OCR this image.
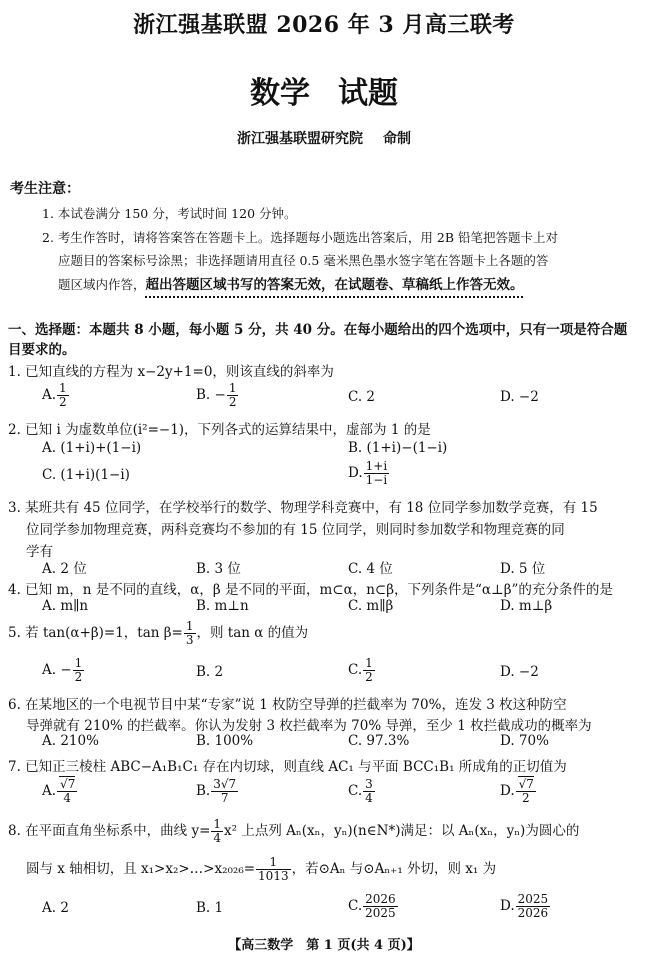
浙江强基联盟 2026 年 3 月高三联考
数学 试题
浙江强基联盟研究院 命制
考生注意：
1. 本试卷满分 150 分，考试时间 120 分钟。
2. 考生作答时，请将答案答在答题卡上。选择题每小题选出答案后，用 2B 铅笔把答题卡上对
应题目的答案标号涂黑；非选择题请用直径 0.5 毫米黑色墨水签字笔在答题卡上各题的答
题区域内作答，超出答题区域书写的答案无效，在试题卷、草稿纸上作答无效。
一、选择题：本题共 8 小题，每小题 5 分，共 40 分。在每小题给出的四个选项中，只有一项是符合题目要求的。
1. 已知直线的方程为 x−2y+1=0，则该直线的斜率为
A. $\frac{1}{2}$	B. − $\frac{1}{2}$	C. 2	D. −2
2. 已知 i 为虚数单位(i²=−1)，下列各式的运算结果中，虚部为 1 的是
A. (1+i)+(1−i)	B. (1+i)−(1−i)
C. (1+i)(1−i)	D. $\frac{1+i}{1-i}$
3. 某班共有 45 位同学，在学校举行的数学、物理学科竞赛中，有 18 位同学参加数学竞赛，有 15
位同学参加物理竞赛，两科竞赛均不参加的有 15 位同学，则同时参加数学和物理竞赛的同
学有
A. 2 位	B. 3 位	C. 4 位	D. 5 位
4. 已知 m，n 是不同的直线，α，β 是不同的平面，m⊂α，n⊂β，下列条件是“α⊥β”的充分条件的是
A. m∥n	B. m⊥n	C. m∥β	D. m⊥β
5. 若 tan(α+β)=1，$\tan \beta= \frac{1}{3}$ ，则 tan α 的值为
A. − $\frac{1}{2}$	B. 2	C. $\frac{1}{2}$	D. −2
6. 在某地区的一个电视节目中某“专家”说 1 枚防空导弹的拦截率为 70%，连发 3 枚这种防空
导弹就有 210% 的拦截率。你认为发射 3 枚拦截率为 70% 导弹，至少 1 枚拦截成功的概率为
A. 210%	B. 100%	C. 97.3%	D. 70%
7. 已知正三棱柱 ABC−A₁B₁C₁ 存在内切球，则直线 AC₁ 与平面 BCC₁B₁ 所成角的正切值为
A. $\frac{√7}{4}$	B. $\frac{3√7}{7}$	C. $\frac{3}{4}$	D. $\frac{√7}{2}$
8. 在平面直角坐标系中，曲线 $y= \frac{1}{4} x^2$ 上点列 Aₙ(xₙ，yₙ)(n∈N*)满足：以 Aₙ(xₙ，yₙ)为圆心的
圆与 x 轴相切，且 x₁>x₂>…>x₂₀₂₆= $\frac{1}{1013}$ ，若⊙Aₙ 与⊙Aₙ₊₁ 外切，则 x₁ 为
A. 2	B. 1	C. $\frac{2026}{2025}$	D. $\frac{2025}{2026}$
【高三数学　第 1 页(共 4 页)】
